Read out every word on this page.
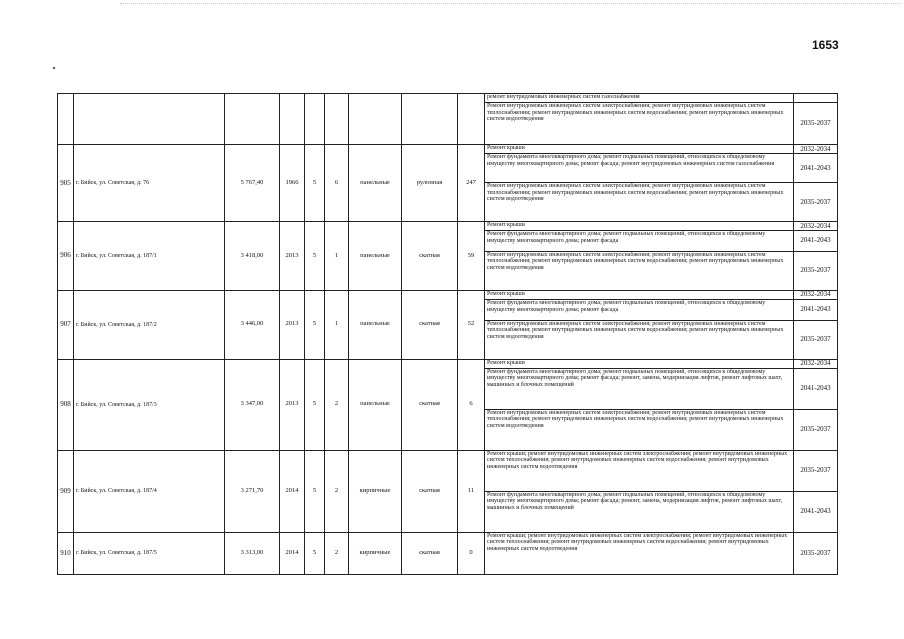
1653
									ремонт внутридомовых инженерных систем газоснабжения	
									Ремонт внутридомовых инженерных систем электроснабжения; ремонт внутридомовых инженерных систем теплоснабжения; ремонт внутридомовых инженерных систем водоснабжения; ремонт внутридомовых инженерных систем водоотведения	2035-2037
905	г. Бийск, ул. Советская, д. 76	5 767,40	1966	5	6	панельные	рулонная	247	Ремонт крыши	2032-2034
									Ремонт фундамента многоквартирного дома; ремонт подвальных помещений, относящихся к общедомовому имуществу многоквартирного дома; ремонт фасада; ремонт внутридомовых инженерных систем газоснабжения	2041-2043
									Ремонт внутридомовых инженерных систем электроснабжения; ремонт внутридомовых инженерных систем теплоснабжения; ремонт внутридомовых инженерных систем водоснабжения; ремонт внутридомовых инженерных систем водоотведения	2035-2037
906	г. Бийск, ул. Советская, д. 187/1	3 418,00	2013	5	1	панельные	скатная	59	Ремонт крыши	2032-2034
									Ремонт фундамента многоквартирного дома; ремонт подвальных помещений, относящихся к общедомовому имуществу многоквартирного дома; ремонт фасада	2041-2043
									Ремонт внутридомовых инженерных систем электроснабжения; ремонт внутридомовых инженерных систем теплоснабжения; ремонт внутридомовых инженерных систем водоснабжения; ремонт внутридомовых инженерных систем водоотведения	2035-2037
907	г. Бийск, ул. Советская, д. 187/2	3 446,00	2013	5	1	панельные	скатная	52	Ремонт крыши	2032-2034
									Ремонт фундамента многоквартирного дома; ремонт подвальных помещений, относящихся к общедомовому имуществу многоквартирного дома; ремонт фасада	2041-2043
									Ремонт внутридомовых инженерных систем электроснабжения; ремонт внутридомовых инженерных систем теплоснабжения; ремонт внутридомовых инженерных систем водоснабжения; ремонт внутридомовых инженерных систем водоотведения	2035-2037
908	г. Бийск, ул. Советская, д. 187/3	3 347,00	2013	5	2	панельные	скатная	6	Ремонт крыши	2032-2034
									Ремонт фундамента многоквартирного дома; ремонт подвальных помещений, относящихся к общедомовому имуществу многоквартирного дома; ремонт фасада; ремонт, замена, модернизация лифтов, ремонт лифтовых шахт, машинных и блочных помещений	2041-2043
									Ремонт внутридомовых инженерных систем электроснабжения; ремонт внутридомовых инженерных систем теплоснабжения; ремонт внутридомовых инженерных систем водоснабжения; ремонт внутридомовых инженерных систем водоотведения	2035-2037
909	г. Бийск, ул. Советская, д. 187/4	3 271,70	2014	5	2	кирпичные	скатная	11	Ремонт крыши; ремонт внутридомовых инженерных систем электроснабжения; ремонт внутридомовых инженерных систем теплоснабжения; ремонт внутридомовых инженерных систем водоснабжения; ремонт внутридомовых инженерных систем водоотведения	2035-2037
									Ремонт фундамента многоквартирного дома; ремонт подвальных помещений, относящихся к общедомовому имуществу многоквартирного дома; ремонт фасада; ремонт, замена, модернизация лифтов, ремонт лифтовых шахт, машинных и блочных помещений	2041-2043
910	г. Бийск, ул. Советская, д. 187/5	3 313,00	2014	5	2	кирпичные	скатная	0	Ремонт крыши; ремонт внутридомовых инженерных систем электроснабжения; ремонт внутридомовых инженерных систем теплоснабжения; ремонт внутридомовых инженерных систем водоснабжения; ремонт внутридомовых инженерных систем водоотведения	2035-2037
